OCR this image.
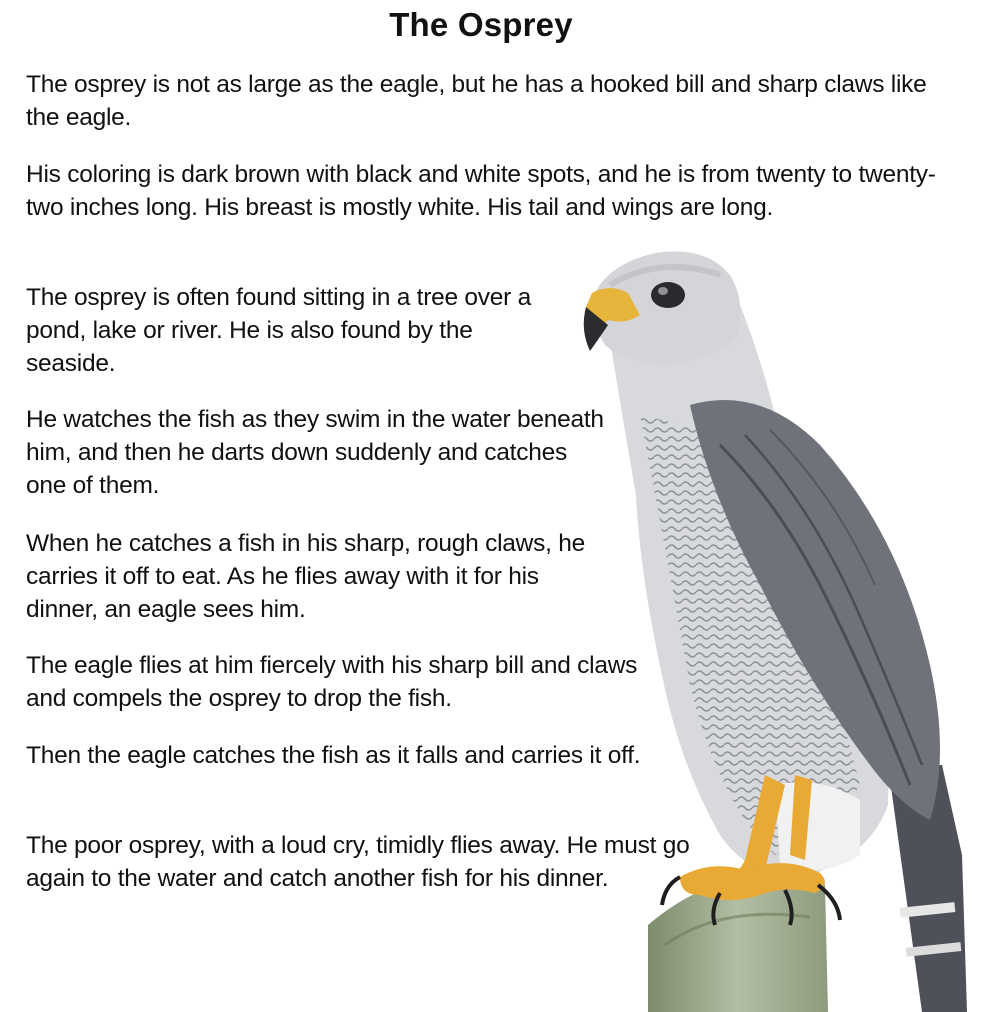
The Osprey

The osprey is not as large as the eagle, but he has a hooked bill and sharp claws like the eagle.

His coloring is dark brown with black and white spots, and he is from twenty to twenty-two inches long. His breast is mostly white. His tail and wings are long.

The osprey is often found sitting in a tree over a pond, lake or river. He is also found by the seaside.

He watches the fish as they swim in the water beneath him, and then he darts down suddenly and catches one of them.

When he catches a fish in his sharp, rough claws, he carries it off to eat. As he flies away with it for his dinner, an eagle sees him.

The eagle flies at him fiercely with his sharp bill and claws and compels the osprey to drop the fish.

Then the eagle catches the fish as it falls and carries it off.

The poor osprey, with a loud cry, timidly flies away. He must go again to the water and catch another fish for his dinner.
